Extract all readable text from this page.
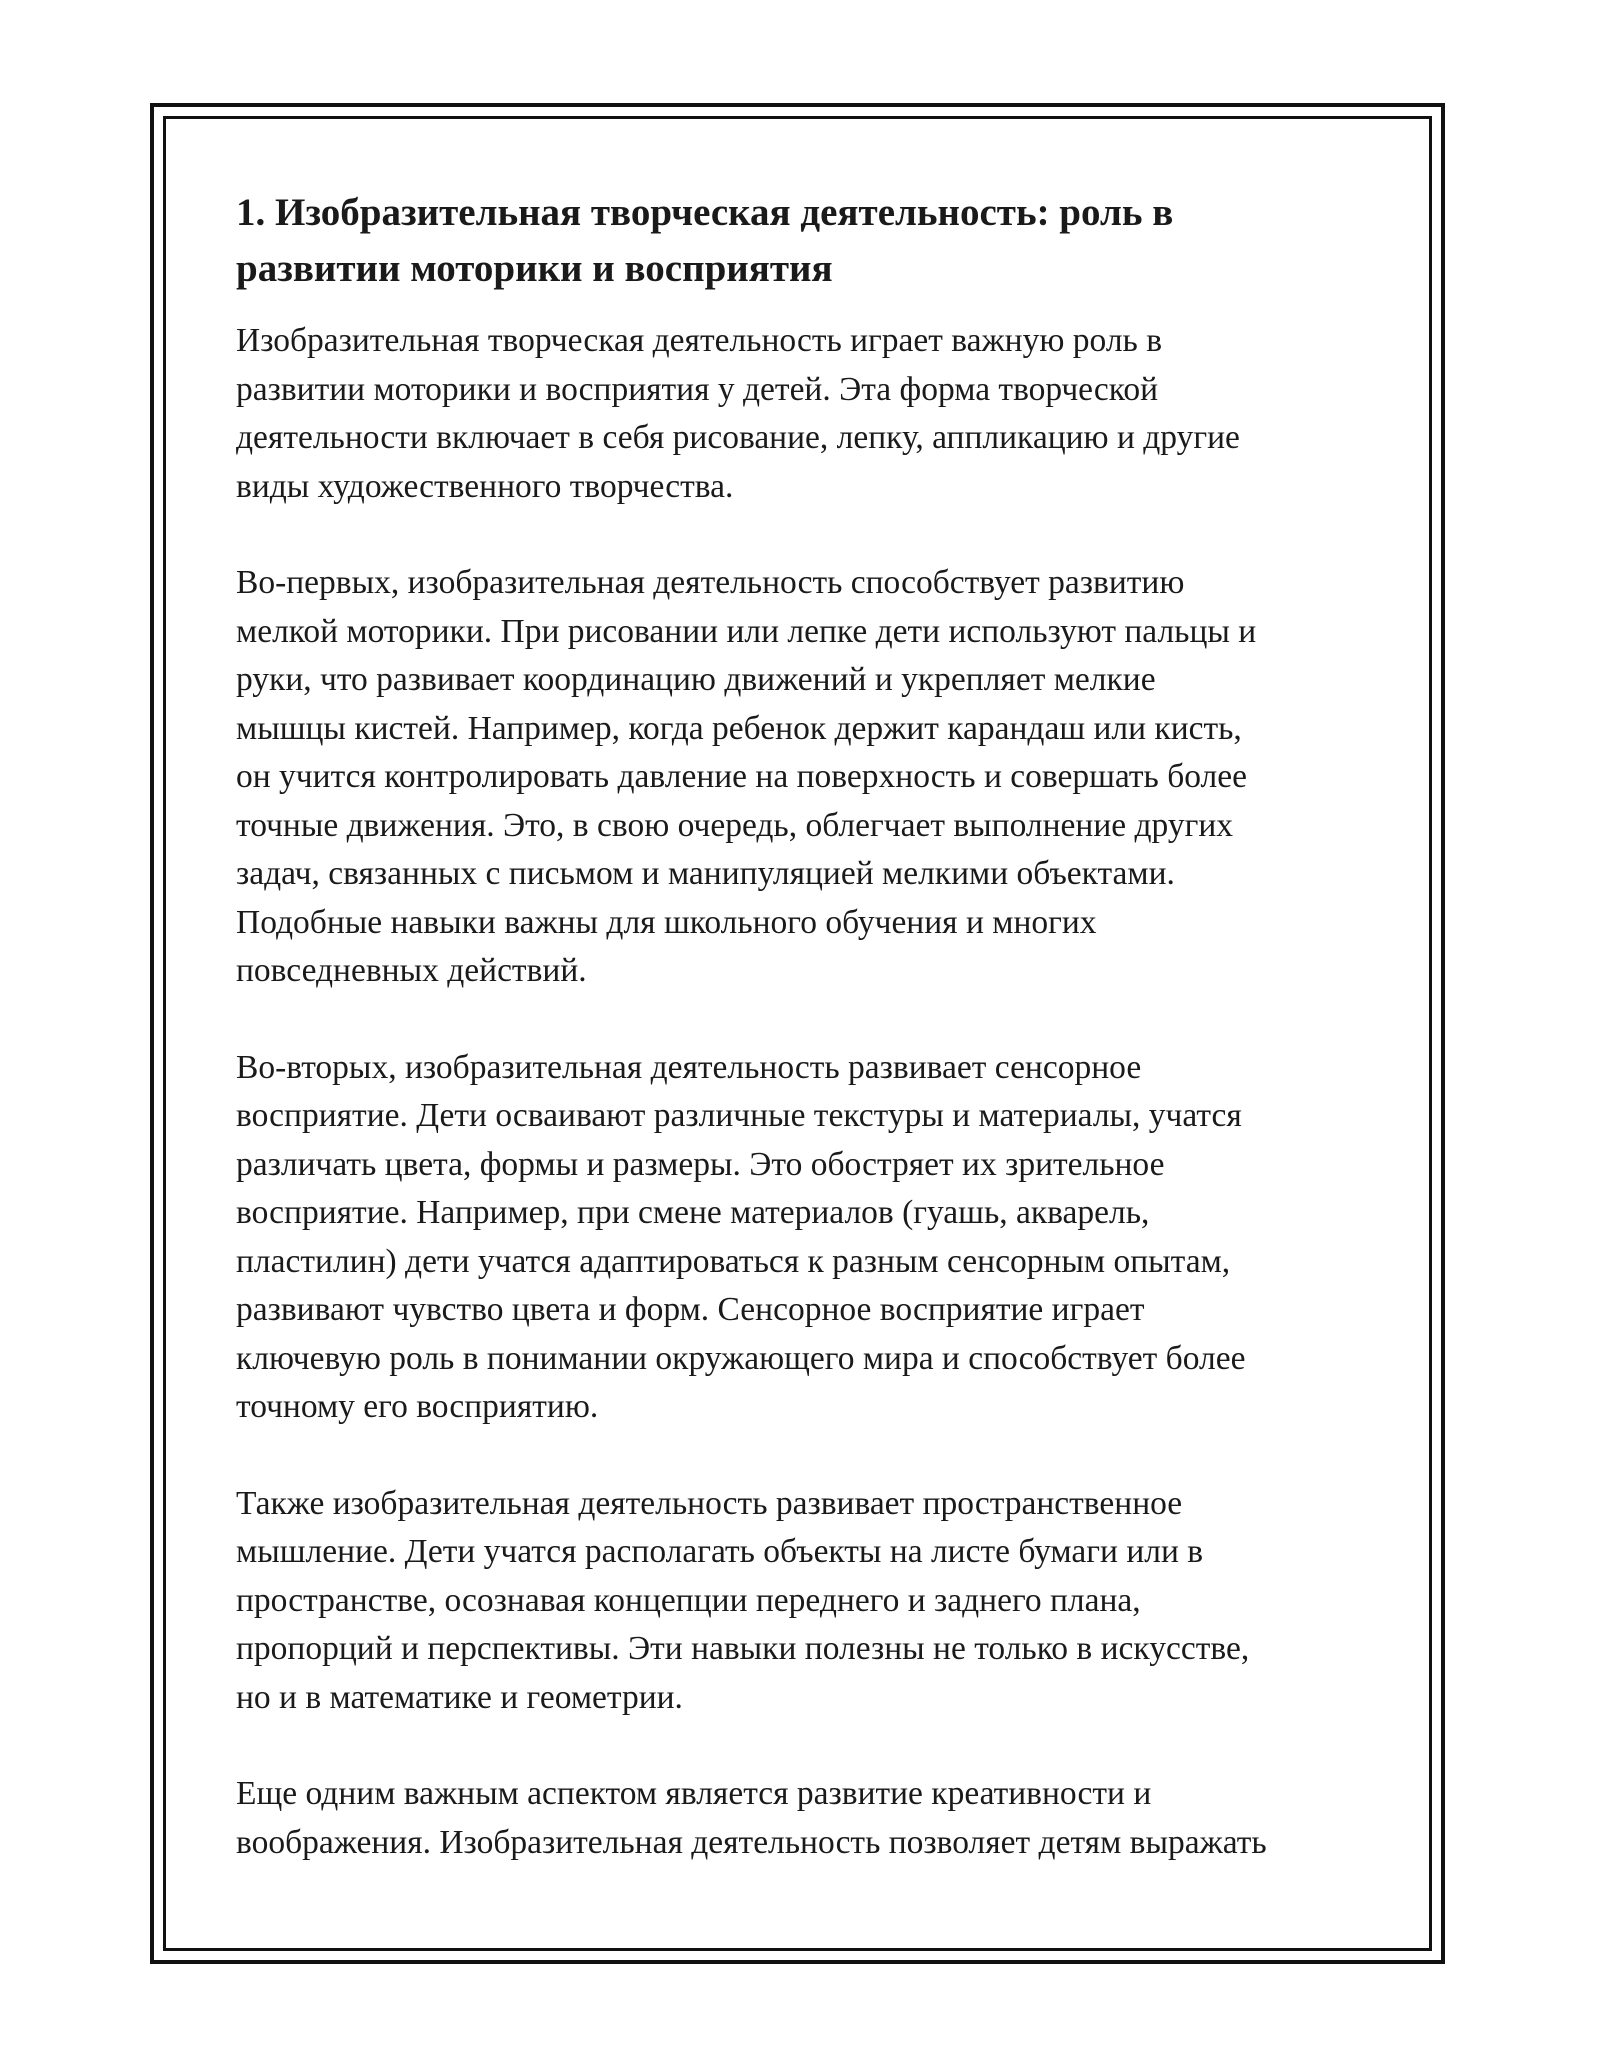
1. Изобразительная творческая деятельность: роль в
развитии моторики и восприятия

Изобразительная творческая деятельность играет важную роль в
развитии моторики и восприятия у детей. Эта форма творческой
деятельности включает в себя рисование, лепку, аппликацию и другие
виды художественного творчества.

Во-первых, изобразительная деятельность способствует развитию
мелкой моторики. При рисовании или лепке дети используют пальцы и
руки, что развивает координацию движений и укрепляет мелкие
мышцы кистей. Например, когда ребенок держит карандаш или кисть,
он учится контролировать давление на поверхность и совершать более
точные движения. Это, в свою очередь, облегчает выполнение других
задач, связанных с письмом и манипуляцией мелкими объектами.
Подобные навыки важны для школьного обучения и многих
повседневных действий.

Во-вторых, изобразительная деятельность развивает сенсорное
восприятие. Дети осваивают различные текстуры и материалы, учатся
различать цвета, формы и размеры. Это обостряет их зрительное
восприятие. Например, при смене материалов (гуашь, акварель,
пластилин) дети учатся адаптироваться к разным сенсорным опытам,
развивают чувство цвета и форм. Сенсорное восприятие играет
ключевую роль в понимании окружающего мира и способствует более
точному его восприятию.

Также изобразительная деятельность развивает пространственное
мышление. Дети учатся располагать объекты на листе бумаги или в
пространстве, осознавая концепции переднего и заднего плана,
пропорций и перспективы. Эти навыки полезны не только в искусстве,
но и в математике и геометрии.

Еще одним важным аспектом является развитие креативности и
воображения. Изобразительная деятельность позволяет детям выражать
